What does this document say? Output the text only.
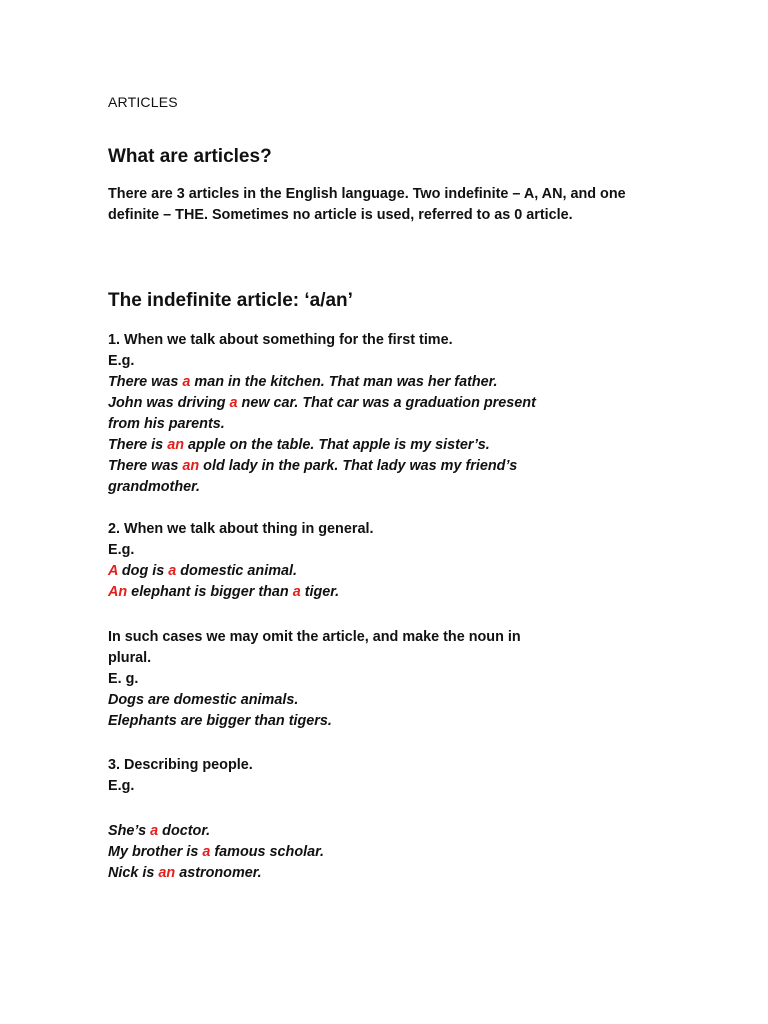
ARTICLES
What are articles?

There are 3 articles in the English language. Two indefinite – A, AN, and one definite – THE. Sometimes no article is used, referred to as 0 article.

The indefinite article: ‘a/an’
1. When we talk about something for the first time.
E.g.
There was a man in the kitchen. That man was her father.
John was driving a new car. That car was a graduation present
from his parents.
There is an apple on the table. That apple is my sister’s.
There was an old lady in the park. That lady was my friend’s
grandmother.
2. When we talk about thing in general.
E.g.
A dog is a domestic animal.
An elephant is bigger than a tiger.
In such cases we may omit the article, and make the noun in
plural.
E. g.
Dogs are domestic animals.
Elephants are bigger than tigers.
3. Describing people.
E.g.
She’s a doctor.
My brother is a famous scholar.
Nick is an astronomer.
